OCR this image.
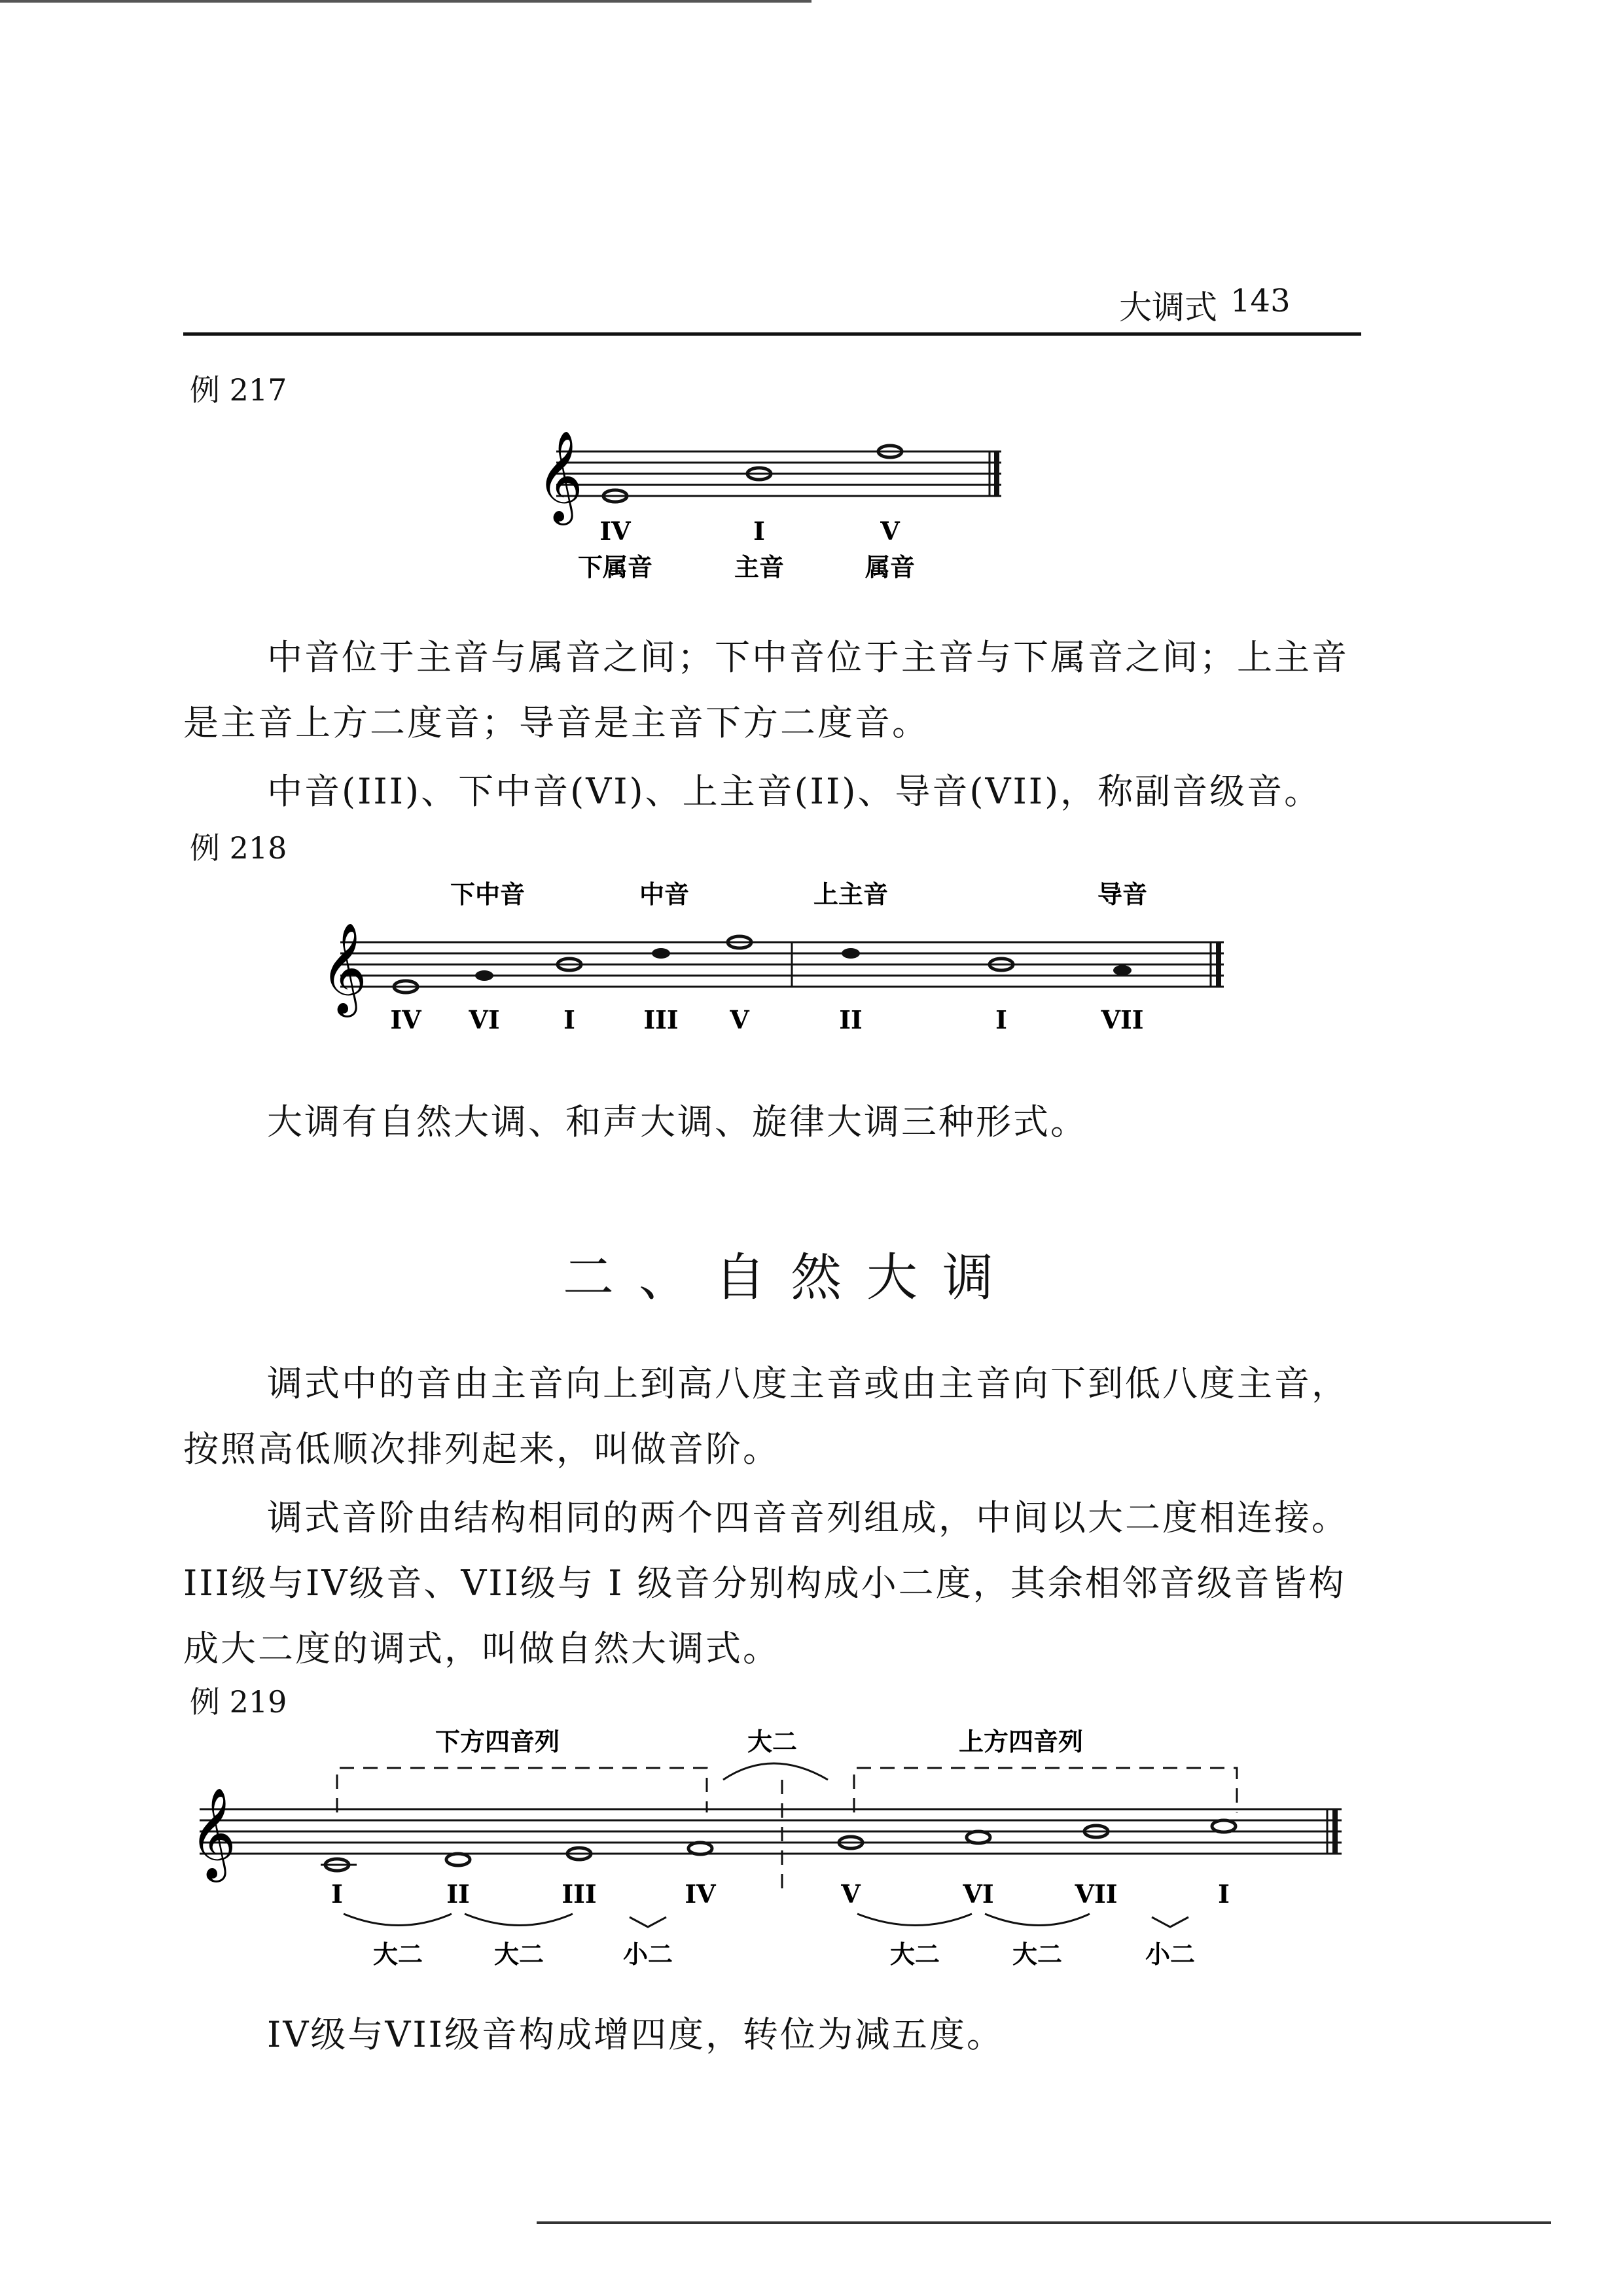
大调式 143
例 217
𝄞
IV	I	V
下属音	主音	属音
中音位于主音与属音之间；下中音位于主音与下属音之间；上主音是主音上方二度音；导音是主音下方二度音。
中音(III)、下中音(VI)、上主音(II)、导音(VII)，称副音级音。
例 218
下中音	中音	上主音	导音
𝄞
IV VI	I	III V	II	I	VII
大调有自然大调、和声大调、旋律大调三种形式。
二、自然大调
调式中的音由主音向上到高八度主音或由主音向下到低八度主音，按照高低顺次排列起来，叫做音阶。
调式音阶由结构相同的两个四音音列组成，中间以大二度相连接。III级与IV级音、VII级与 I 级音分别构成小二度，其余相邻音级音皆构成大二度的调式，叫做自然大调式。
例 219
下方四音列	大二	上方四音列
𝄞
I	II	III	IV	V	VI	VII	I
大二	大二	小二	大二	大二	小二
IV级与VII级音构成增四度，转位为减五度。
